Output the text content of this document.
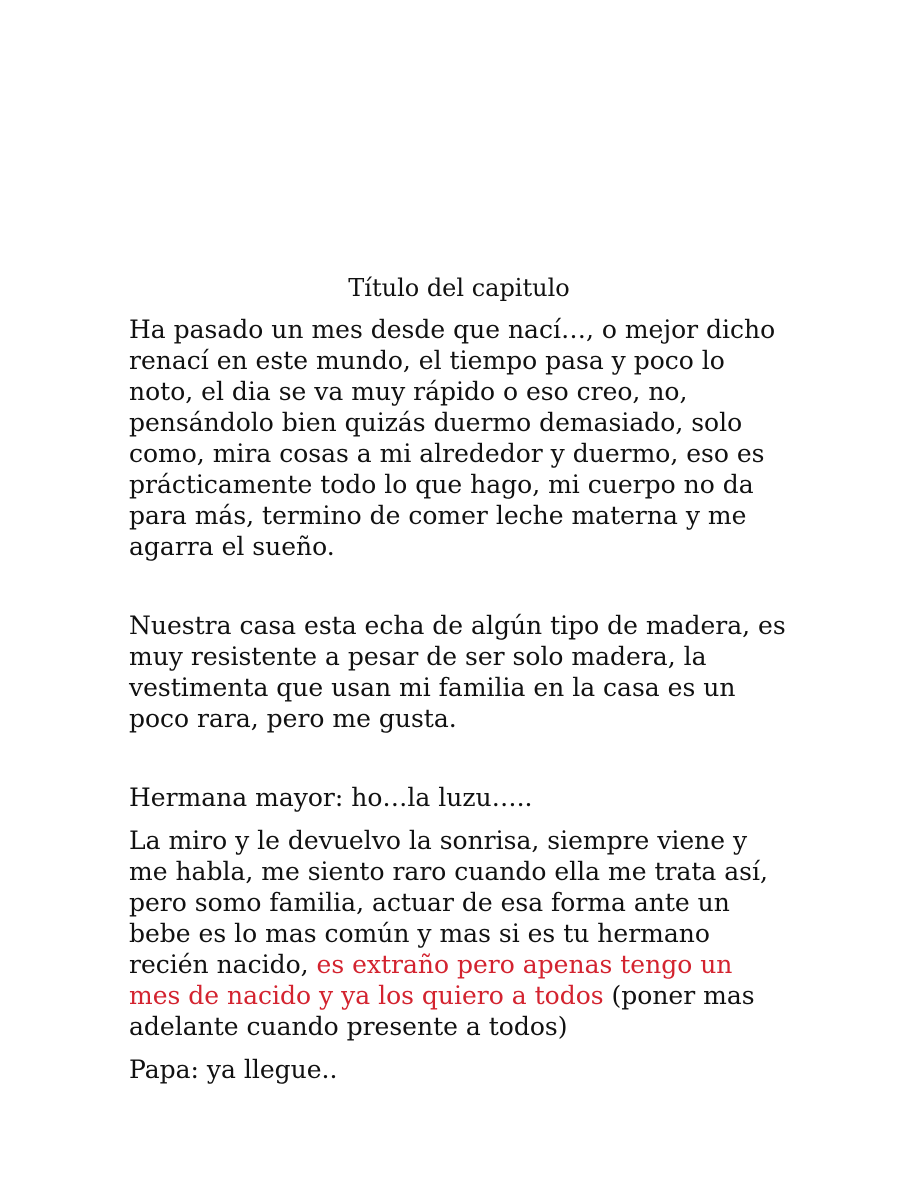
Título del capitulo

Ha pasado un mes desde que nací…, o mejor dicho renací en este mundo, el tiempo pasa y poco lo noto, el dia se va muy rápido o eso creo, no, pensándolo bien quizás duermo demasiado, solo como, mira cosas a mi alrededor y duermo, eso es prácticamente todo lo que hago, mi cuerpo no da para más, termino de comer leche materna y me agarra el sueño.

Nuestra casa esta echa de algún tipo de madera, es muy resistente a pesar de ser solo madera, la vestimenta que usan mi familia en la casa es un poco rara, pero me gusta.

Hermana mayor: ho…la luzu…..

La miro y le devuelvo la sonrisa, siempre viene y me habla, me siento raro cuando ella me trata así, pero somo familia, actuar de esa forma ante un bebe es lo mas común y mas si es tu hermano recién nacido, es extraño pero apenas tengo un mes de nacido y ya los quiero a todos (poner mas adelante cuando presente a todos)

Papa: ya llegue..
